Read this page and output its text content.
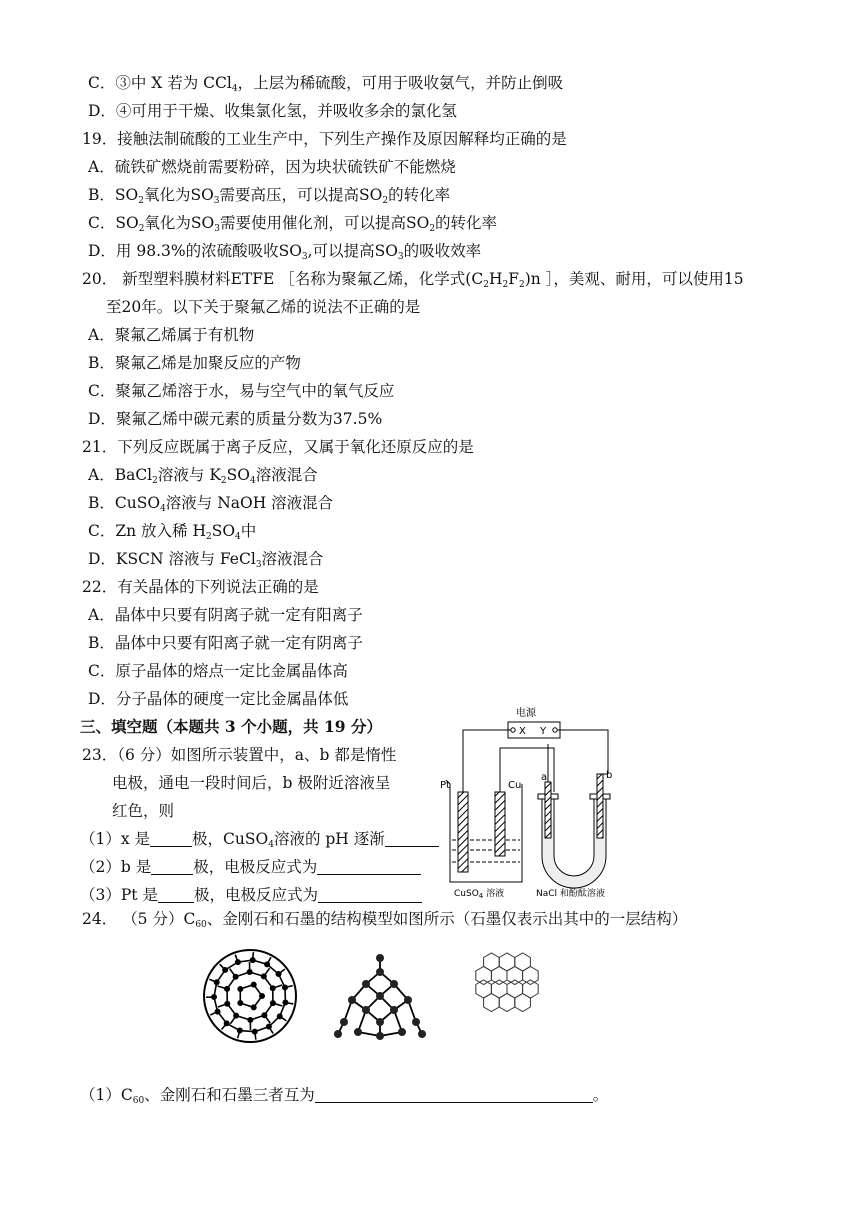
C．③中 X 若为 CCl$_4$，上层为稀硫酸，可用于吸收氨气，并防止倒吸
D．④可用于干燥、收集氯化氢，并吸收多余的氯化氢
19．接触法制硫酸的工业生产中，下列生产操作及原因解释均正确的是
A．硫铁矿燃烧前需要粉碎，因为块状硫铁矿不能燃烧
B．$SO_2$氧化为$SO_3$需要高压，可以提高$SO_2$的转化率
C．$SO_2$氧化为$SO_3$需要使用催化剂，可以提高$SO_2$的转化率
D．用 98.3%的浓硫酸吸收$SO_3$,可以提高$SO_3$的吸收效率
20． 新型塑料膜材料ETFE ［名称为聚氟乙烯，化学式$(C_2H_2F_2)n$ ］，美观、耐用，可以使用15
至20年。以下关于聚氟乙烯的说法不正确的是
A．聚氟乙烯属于有机物
B．聚氟乙烯是加聚反应的产物
C．聚氟乙烯溶于水，易与空气中的氧气反应
D．聚氟乙烯中碳元素的质量分数为37.5%
21．下列反应既属于离子反应，又属于氧化还原反应的是
A．BaCl$_2$溶液与 $K_2SO_4$溶液混合
B．CuSO$_4$溶液与 NaOH 溶液混合
C．Zn 放入稀 $H_2SO_4$中
D．KSCN 溶液与 FeCl$_3$溶液混合
22．有关晶体的下列说法正确的是
A．晶体中只要有阴离子就一定有阳离子
B．晶体中只要有阳离子就一定有阴离子
C．原子晶体的熔点一定比金属晶体高
D．分子晶体的硬度一定比金属晶体低
三、填空题（本题共 3 个小题，共 19 分）
23．（6 分）如图所示装置中，a、b 都是惰性
电极，通电一段时间后，b 极附近溶液呈
红色，则
（1）x 是	极，CuSO$_4$溶液的 pH 逐渐
（2）b 是	极，电极反应式为
（3）Pt 是 极，电极反应式为
电源
X Y
Pt	Cu
a	b
CuSO$_4$ 溶液	NaCl 和酚酞溶液
24． （5 分）$C_{60}$、金刚石和石墨的结构模型如图所示（石墨仅表示出其中的一层结构）
$(1)C_{60}$、金刚石和石墨三者互为	。
